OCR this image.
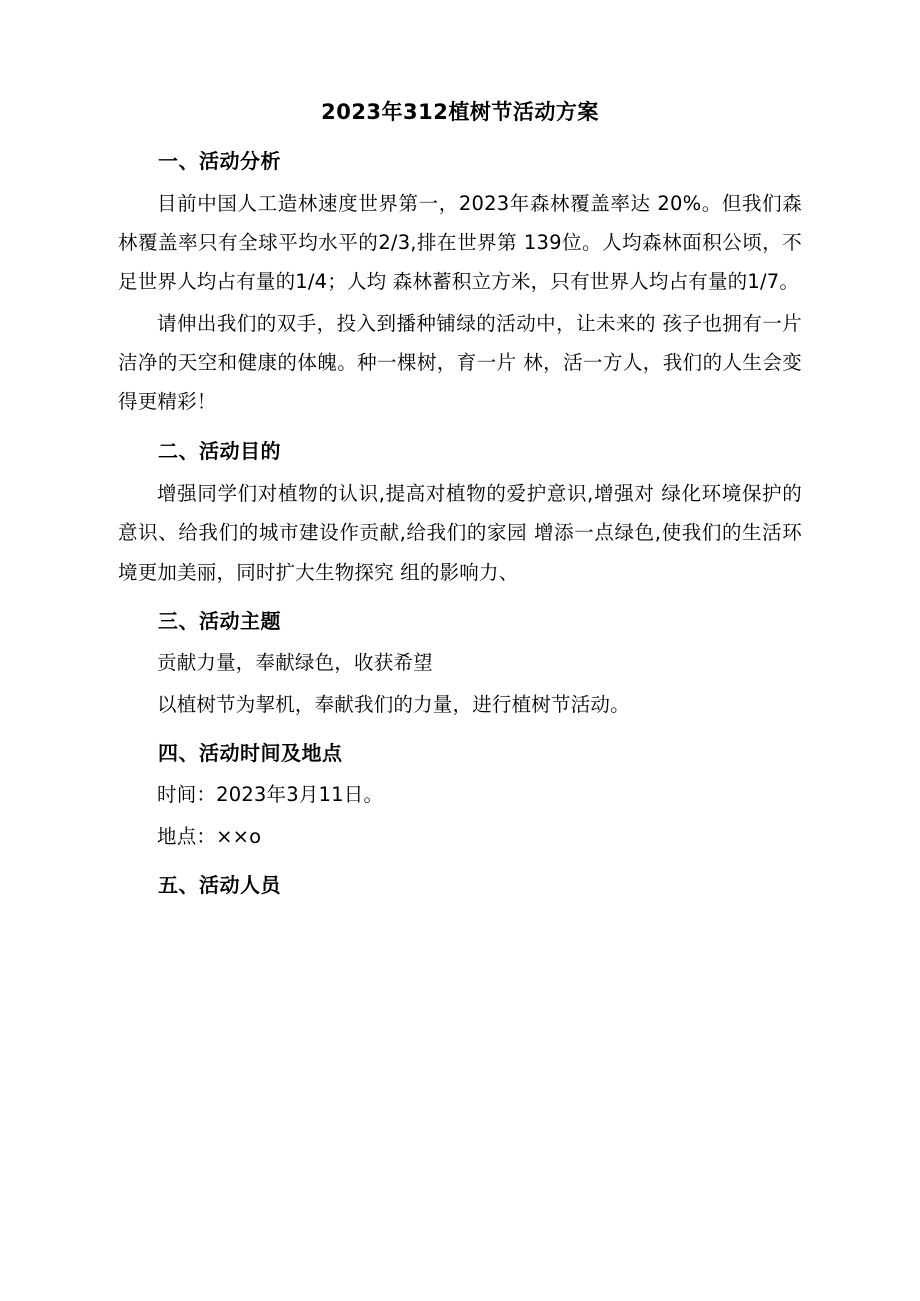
2023年312植树节活动方案
一、活动分析

目前中国人工造林速度世界第一，2023年森林覆盖率达 20%。但我们森林覆盖率只有全球平均水平的2/3,排在世界第 139位。人均森林面积公顷，不足世界人均占有量的1/4；人均 森林蓄积立方米，只有世界人均占有量的1/7。

请伸出我们的双手，投入到播种铺绿的活动中，让未来的 孩子也拥有一片洁净的天空和健康的体魄。种一棵树，育一片 林，活一方人，我们的人生会变得更精彩！

二、活动目的

增强同学们对植物的认识,提高对植物的爱护意识,增强对 绿化环境保护的意识、给我们的城市建设作贡献,给我们的家园 增添一点绿色,使我们的生活环境更加美丽，同时扩大生物探究 组的影响力、

三、活动主题

贡献力量，奉献绿色，收获希望

以植树节为挈机，奉献我们的力量，进行植树节活动。

四、活动时间及地点

时间：2023年3月11日。

地点：××o

五、活动人员
